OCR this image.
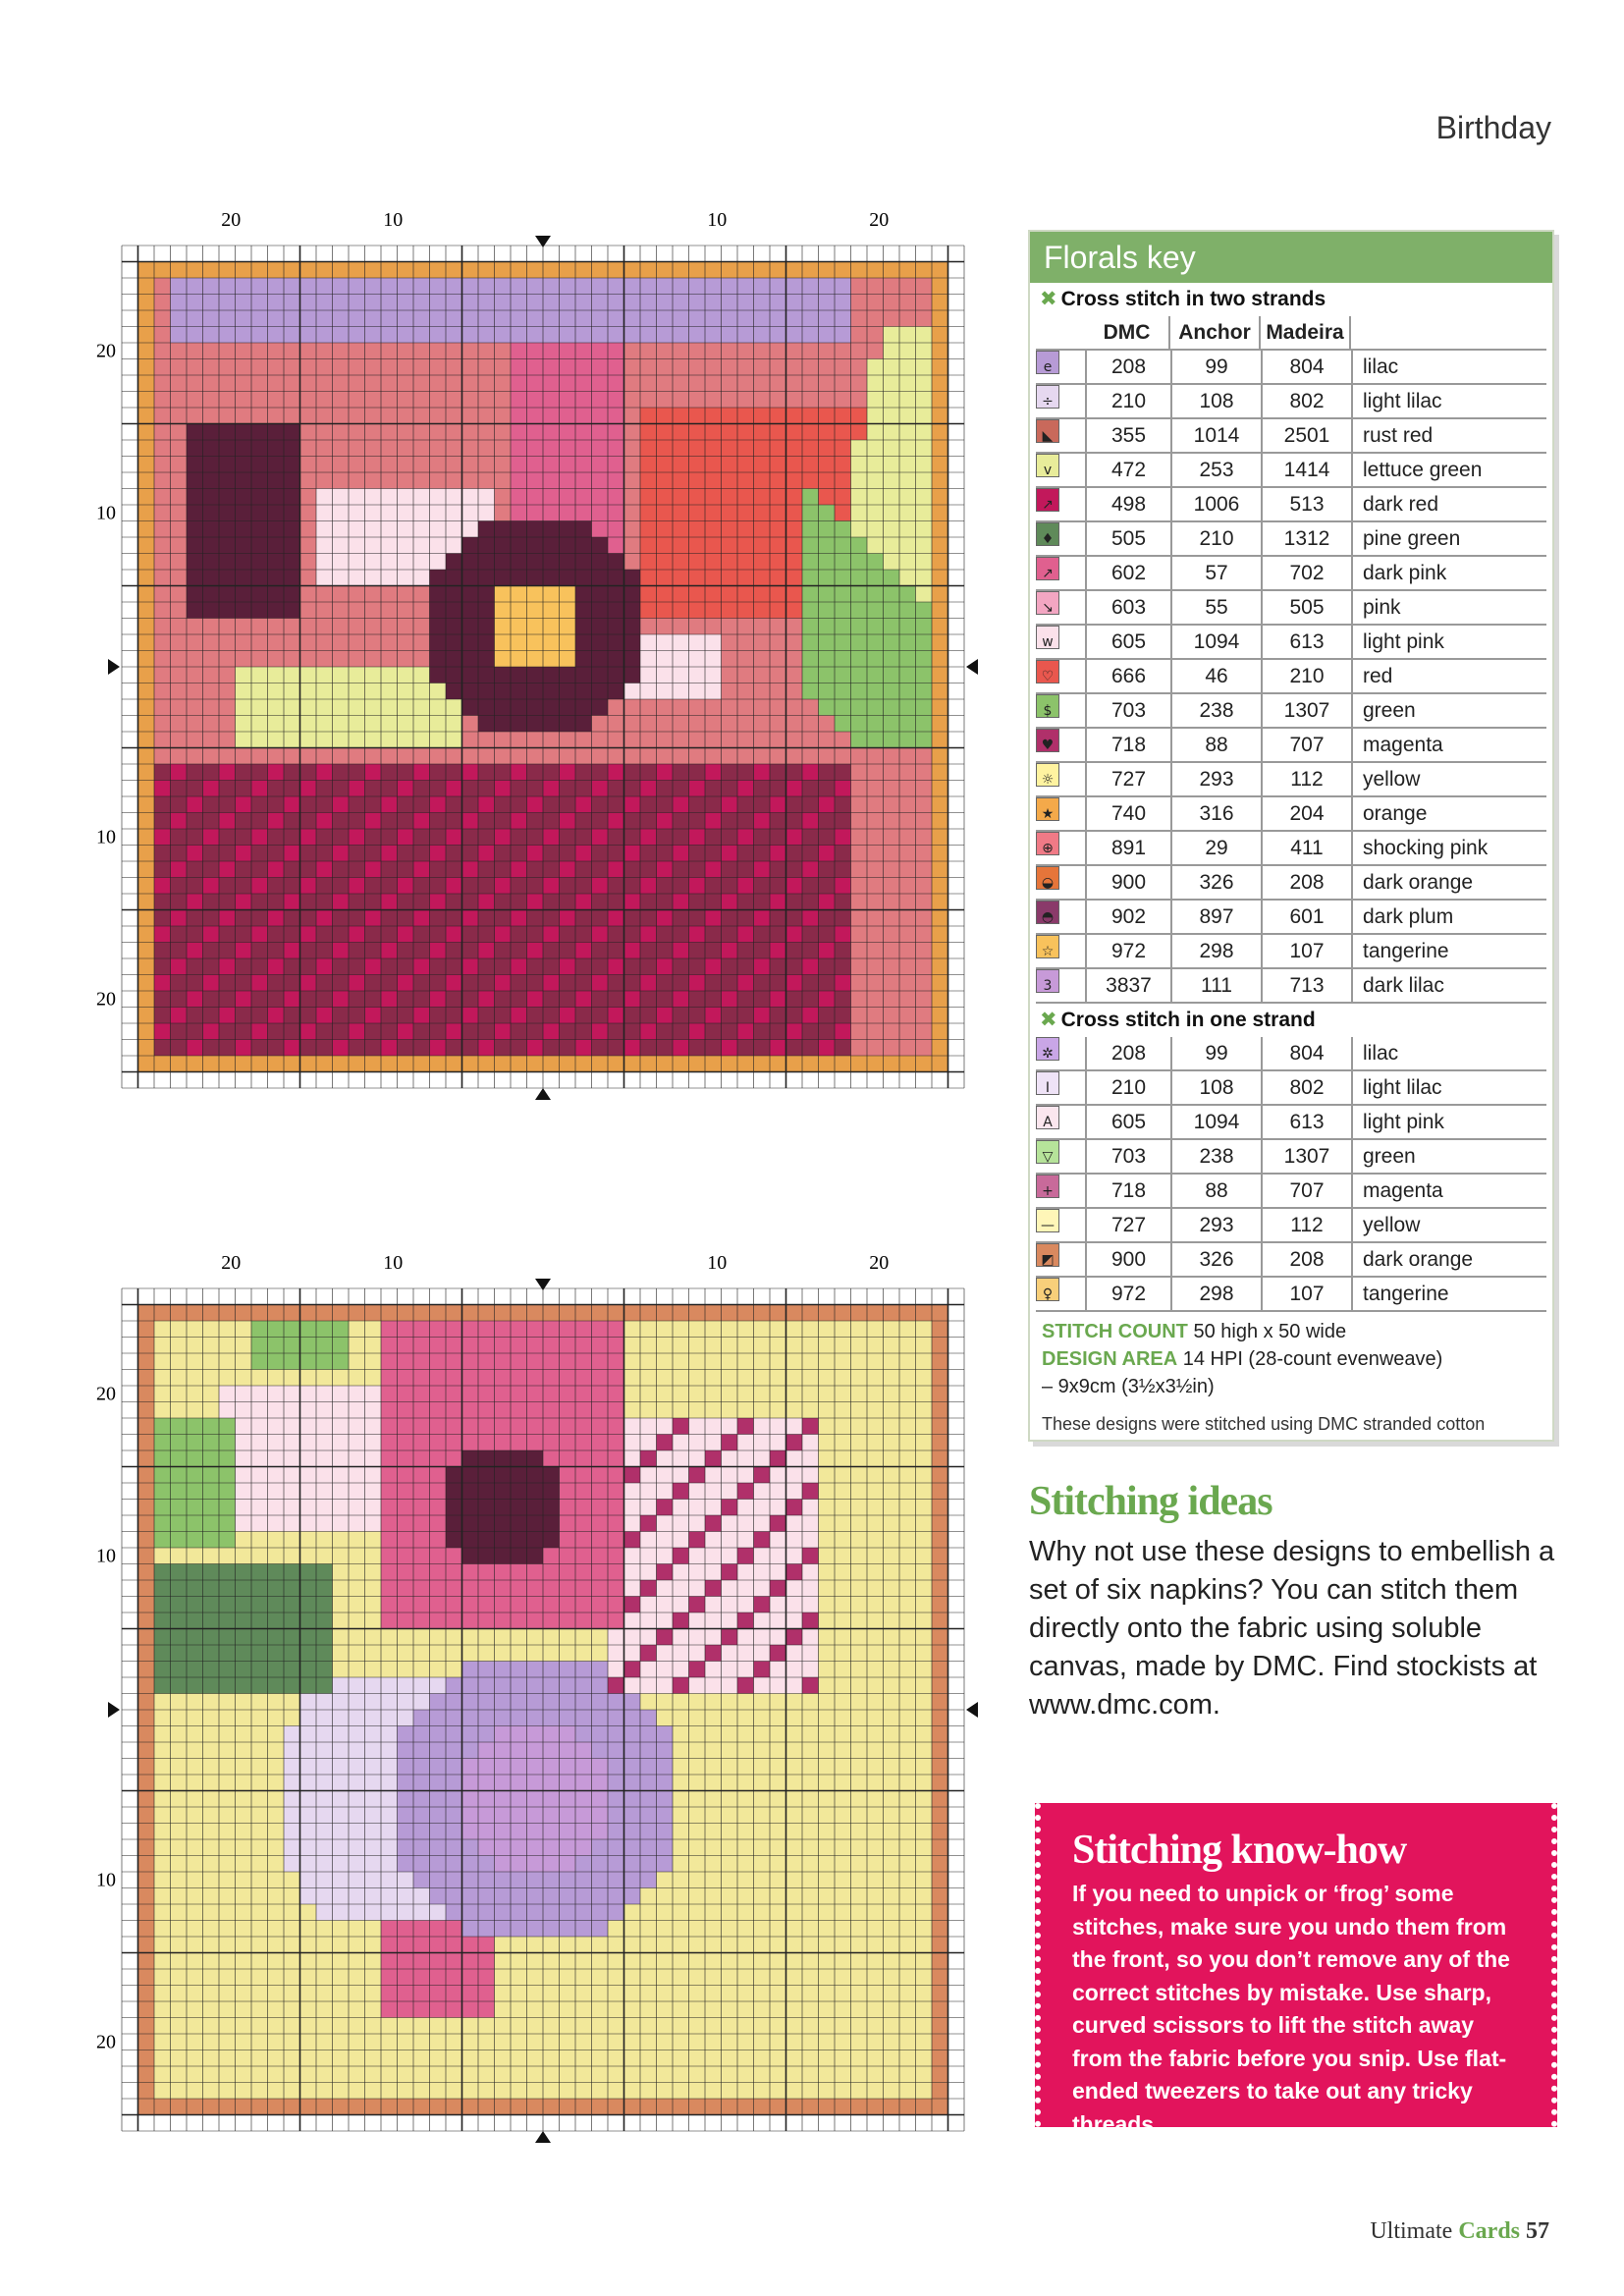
Birthday
20	10	10	20
20
10
10
20
20	10	10	20
20
10
10
20
Florals key
✖ Cross stitch in two strands
DMC	Anchor Madeira
e	208	99	804	lilac
÷	210	108	802	light lilac
◣	355	1014	2501	rust red
v	472	253	1414	lettuce green
↗	498	1006	513	dark red
♦	505	210	1312	pine green
↗	602	57	702	dark pink
↘	603	55	505	pink
w	605	1094	613	light pink
♡	666	46	210	red
$	703	238	1307	green
♥	718	88	707	magenta
☼	727	293	112	yellow
★	740	316	204	orange
⊕	891	29	411	shocking pink
◒	900	326	208	dark orange
◓	902	897	601	dark plum
☆	972	298	107	tangerine
3	3837	111	713	dark lilac
✖ Cross stitch in one strand
✲	208	99	804	lilac
I	210	108	802	light lilac
A	605	1094	613	light pink
▽	703	238	1307	green
+	718	88	707	magenta
—	727	293	112	yellow
◩	900	326	208	dark orange
♀	972	298	107	tangerine
STITCH COUNT 50 high x 50 wide
DESIGN AREA 14 HPI (28-count evenweave)
– 9x9cm (3½x3½in)
These designs were stitched using DMC stranded cotton
Stitching ideas

Why not use these designs to embellish a set of six napkins? You can stitch them directly onto the fabric using soluble canvas, made by DMC. Find stockists at www.dmc.com.

Stitching know-how

If you need to unpick or ‘frog’ some stitches, make sure you undo them from the front, so you don’t remove any of the correct stitches by mistake. Use sharp, curved scissors to lift the stitch away from the fabric before you snip. Use flat-ended tweezers to take out any tricky threads.

Ultimate Cards 57
